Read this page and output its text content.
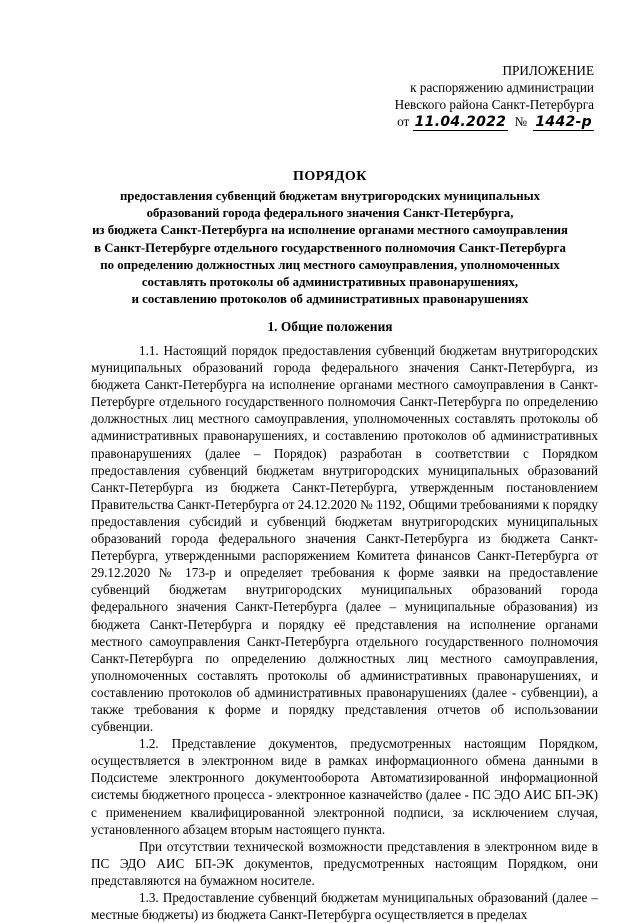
ПРИЛОЖЕНИЕ
к распоряжению администрации
Невского района Санкт-Петербурга
от 11.04.2022 № 1442-р
ПОРЯДОК
предоставления субвенций бюджетам внутригородских муниципальных
образований города федерального значения Санкт-Петербурга,
из бюджета Санкт-Петербурга на исполнение органами местного самоуправления
в Санкт-Петербурге отдельного государственного полномочия Санкт-Петербурга
по определению должностных лиц местного самоуправления, уполномоченных
составлять протоколы об административных правонарушениях,
и составлению протоколов об административных правонарушениях
1. Общие положения

1.1. Настоящий порядок предоставления субвенций бюджетам внутригородских муниципальных образований города федерального значения Санкт-Петербурга, из бюджета Санкт-Петербурга на исполнение органами местного самоуправления в Санкт-Петербурге отдельного государственного полномочия Санкт-Петербурга по определению должностных лиц местного самоуправления, уполномоченных составлять протоколы об административных правонарушениях, и составлению протоколов об административных правонарушениях (далее – Порядок) разработан в соответствии с Порядком предоставления субвенций бюджетам внутригородских муниципальных образований Санкт-Петербурга из бюджета Санкт-Петербурга, утвержденным постановлением Правительства Санкт-Петербурга от 24.12.2020 № 1192, Общими требованиями к порядку предоставления субсидий и субвенций бюджетам внутригородских муниципальных образований города федерального значения Санкт-Петербурга из бюджета Санкт-Петербурга, утвержденными распоряжением Комитета финансов Санкт-Петербурга от 29.12.2020 № 173-р и определяет требования к форме заявки на предоставление субвенций бюджетам внутригородских муниципальных образований города федерального значения Санкт-Петербурга (далее – муниципальные образования) из бюджета Санкт-Петербурга и порядку её представления на исполнение органами местного самоуправления Санкт-Петербурга отдельного государственного полномочия Санкт-Петербурга по определению должностных лиц местного самоуправления, уполномоченных составлять протоколы об административных правонарушениях, и составлению протоколов об административных правонарушениях (далее - субвенции), а также требования к форме и порядку представления отчетов об использовании субвенции.

1.2. Представление документов, предусмотренных настоящим Порядком, осуществляется в электронном виде в рамках информационного обмена данными в Подсистеме электронного документооборота Автоматизированной информационной системы бюджетного процесса - электронное казначейство (далее - ПС ЭДО АИС БП-ЭК) с применением квалифицированной электронной подписи, за исключением случая, установленного абзацем вторым настоящего пункта.

При отсутствии технической возможности представления в электронном виде в ПС ЭДО АИС БП-ЭК документов, предусмотренных настоящим Порядком, они представляются на бумажном носителе.

1.3. Предоставление субвенций бюджетам муниципальных образований (далее – местные бюджеты) из бюджета Санкт-Петербурга осуществляется в пределах
